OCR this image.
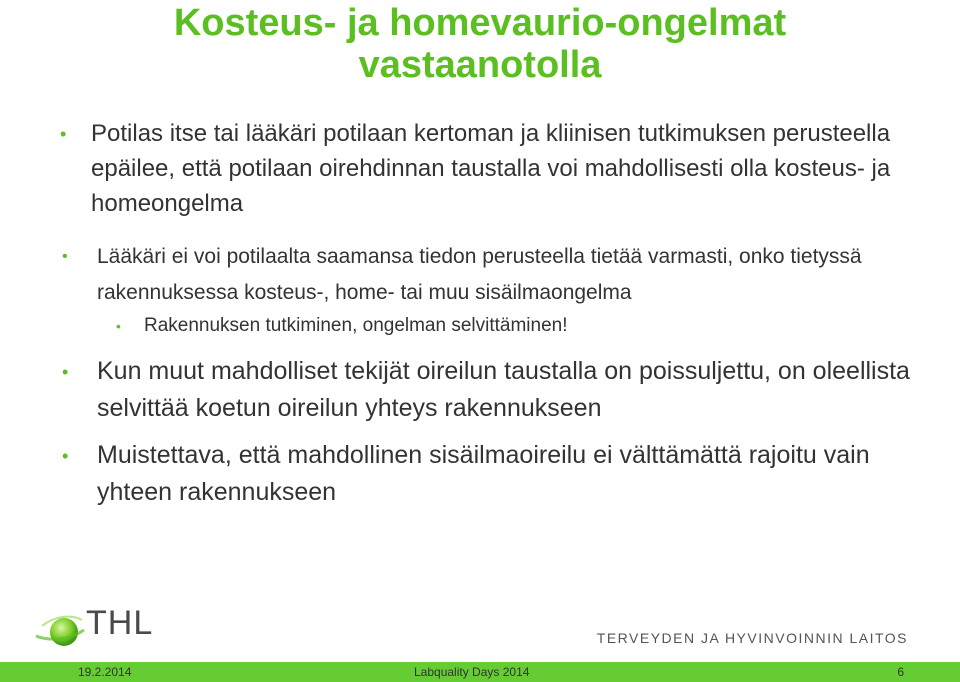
Kosteus- ja homevaurio-ongelmat
vastaanotolla
• Potilas itse tai lääkäri potilaan kertoman ja kliinisen tutkimuksen perusteella epäilee, että potilaan oirehdinnan taustalla voi mahdollisesti olla kosteus- ja homeongelma
• Lääkäri ei voi potilaalta saamansa tiedon perusteella tietää varmasti, onko tietyssä rakennuksessa kosteus-, home- tai muu sisäilmaongelma
• Rakennuksen tutkiminen, ongelman selvittäminen!
• Kun muut mahdolliset tekijät oireilun taustalla on poissuljettu, on oleellista selvittää koetun oireilun yhteys rakennukseen
• Muistettava, että mahdollinen sisäilmaoireilu ei välttämättä rajoitu vain yhteen rakennukseen
THL	TERVEYDEN JA HYVINVOINNIN LAITOS
19.2.2014	Labquality Days 2014	6
